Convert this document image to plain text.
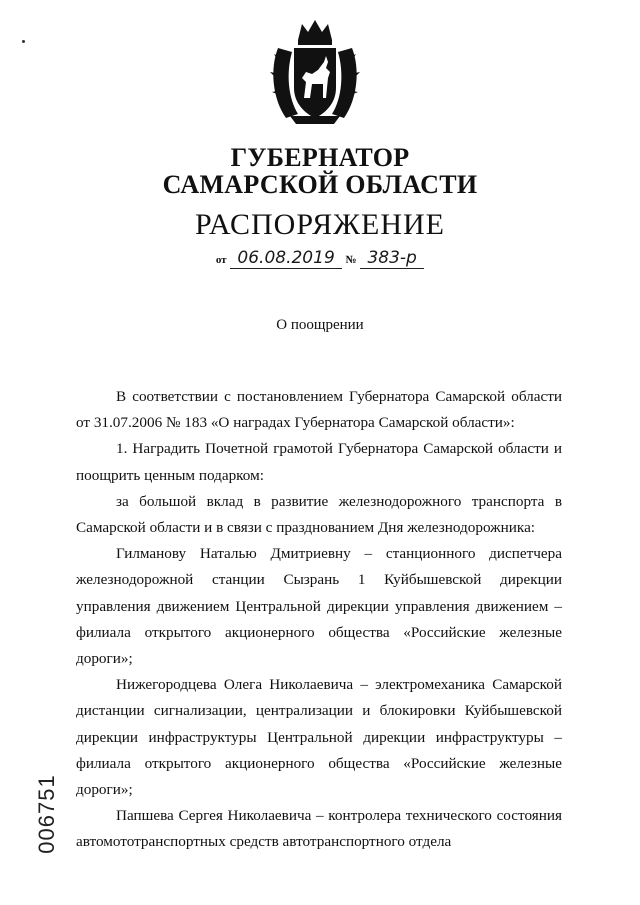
ГУБЕРНАТОР
САМАРСКОЙ ОБЛАСТИ
РАСПОРЯЖЕНИЕ
от 06.08.2019 № 383-р
О поощрении

В соответствии с постановлением Губернатора Самарской области от 31.07.2006 № 183 «О наградах Губернатора Самарской области»:

1. Наградить Почетной грамотой Губернатора Самарской области и поощрить ценным подарком:

за большой вклад в развитие железнодорожного транспорта в Самарской области и в связи с празднованием Дня железнодорожника:

Гилманову Наталью Дмитриевну – станционного диспетчера железнодорожной станции Сызрань 1 Куйбышевской дирекции управления движением Центральной дирекции управления движением – филиала открытого акционерного общества «Российские железные дороги»;

Нижегородцева Олега Николаевича – электромеханика Самарской дистанции сигнализации, централизации и блокировки Куйбышевской дирекции инфраструктуры Центральной дирекции инфраструктуры – филиала открытого акционерного общества «Российские железные дороги»;

Папшева Сергея Николаевича – контролера технического состояния автомототранспортных средств автотранспортного отдела

006751
